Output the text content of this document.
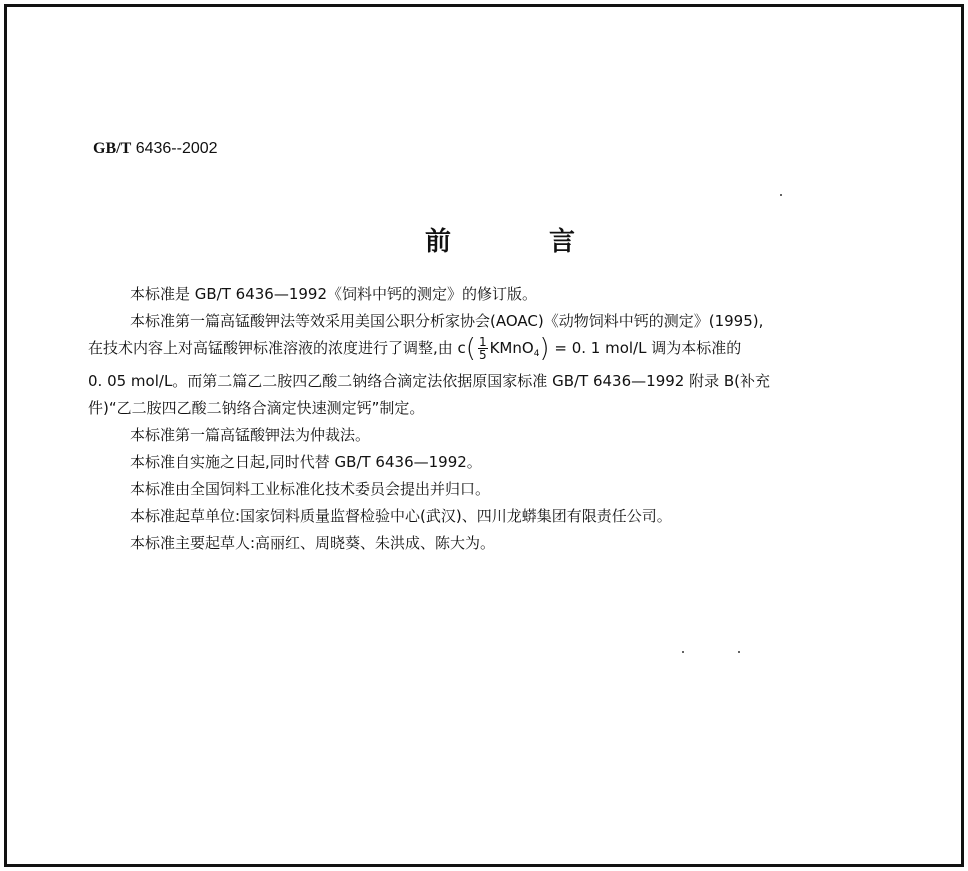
GB/T 6436--2002
前	言

本标准是 GB/T 6436—1992《饲料中钙的测定》的修订版。

本标准第一篇高锰酸钾法等效采用美国公职分析家协会(AOAC)《动物饲料中钙的测定》(1995),

在技术内容上对高锰酸钾标准溶液的浓度进行了调整,由 $c( \frac{1}{5}$ KMnO$_4$) = 0. 1 mol/L 调为本标准的

0. 05 mol/L。而第二篇乙二胺四乙酸二钠络合滴定法依据原国家标准 GB/T 6436—1992 附录 B(补充

件)“乙二胺四乙酸二钠络合滴定快速测定钙”制定。

本标准第一篇高锰酸钾法为仲裁法。

本标准自实施之日起,同时代替 GB/T 6436—1992。

本标准由全国饲料工业标准化技术委员会提出并归口。

本标准起草单位:国家饲料质量监督检验中心(武汉)、四川龙蟒集团有限责任公司。

本标准主要起草人:高丽红、周晓葵、朱洪成、陈大为。
